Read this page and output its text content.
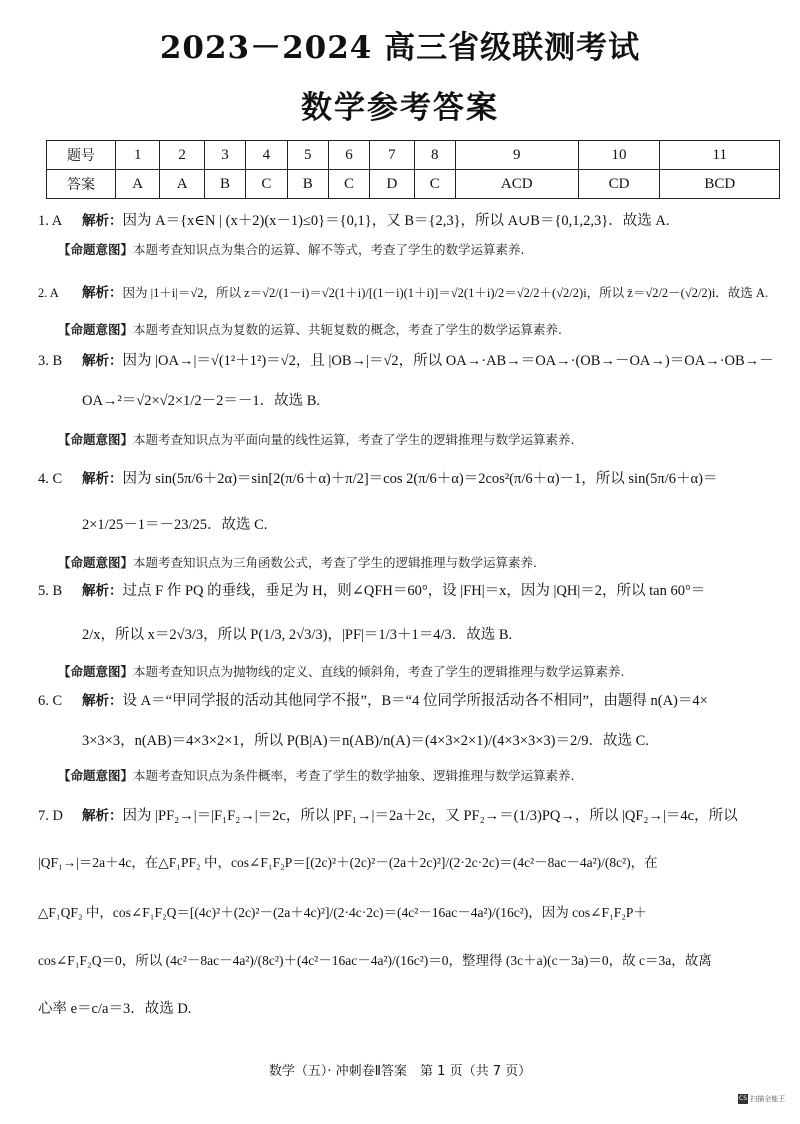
2023－2024 高三省级联测考试
数学参考答案
题号	1	2	3	4	5	6	7	8	9	10	11
答案	A	A	B	C	B	C	D	C	ACD	CD	BCD
1. A 解析：因为 A＝{x∈N | (x＋2)(x－1)≤0}＝{0,1}，又 B＝{2,3}，所以 A∪B＝{0,1,2,3}．故选 A.
【命题意图】本题考查知识点为集合的运算、解不等式，考查了学生的数学运算素养.
2. A 解析：因为 |1＋i|＝√2，所以 z＝√2/(1－i)＝√2(1＋i)/[(1－i)(1＋i)]＝√2(1＋i)/2＝√2/2＋(√2/2)i，所以 z̄＝√2/2－(√2/2)i．故选 A.
【命题意图】本题考查知识点为复数的运算、共轭复数的概念，考查了学生的数学运算素养.
3. B 解析：因为 |OA→|＝√(1²＋1²)＝√2，且 |OB→|＝√2，所以 OA→·AB→＝OA→·(OB→－OA→)＝OA→·OB→－
OA→²＝√2×√2×1/2－2＝－1．故选 B.
【命题意图】本题考查知识点为平面向量的线性运算，考查了学生的逻辑推理与数学运算素养.
4. C 解析：因为 sin(5π/6＋2α)＝sin[2(π/6＋α)＋π/2]＝cos 2(π/6＋α)＝2cos²(π/6＋α)－1，所以 sin(5π/6＋α)＝
2×1/25－1＝－23/25．故选 C.
【命题意图】本题考查知识点为三角函数公式，考查了学生的逻辑推理与数学运算素养.
5. B 解析：过点 F 作 PQ 的垂线，垂足为 H，则∠QFH＝60°，设 |FH|＝x，因为 |QH|＝2，所以 tan 60°＝
2/x，所以 x＝2√3/3，所以 P(1/3, 2√3/3)，|PF|＝1/3＋1＝4/3．故选 B.
【命题意图】本题考查知识点为抛物线的定义、直线的倾斜角，考查了学生的逻辑推理与数学运算素养.
6. C 解析：设 A＝“甲同学报的活动其他同学不报”，B＝“4 位同学所报活动各不相同”，由题得 n(A)＝4×
3×3×3，n(AB)＝4×3×2×1，所以 P(B|A)＝n(AB)/n(A)＝(4×3×2×1)/(4×3×3×3)＝2/9．故选 C.
【命题意图】本题考查知识点为条件概率，考查了学生的数学抽象、逻辑推理与数学运算素养.
7. D 解析：因为 |PF₂→|＝|F₁F₂→|＝2c，所以 |PF₁→|＝2a＋2c，又 PF₂→＝(1/3)PQ→，所以 |QF₂→|＝4c，所以
|QF₁→|＝2a＋4c，在△F₁PF₂ 中，cos∠F₁F₂P＝[(2c)²＋(2c)²－(2a＋2c)²]/(2·2c·2c)＝(4c²－8ac－4a²)/(8c²)，在
△F₁QF₂ 中，cos∠F₁F₂Q＝[(4c)²＋(2c)²－(2a＋4c)²]/(2·4c·2c)＝(4c²－16ac－4a²)/(16c²)，因为 cos∠F₁F₂P＋
cos∠F₁F₂Q＝0，所以 (4c²－8ac－4a²)/(8c²)＋(4c²－16ac－4a²)/(16c²)＝0，整理得 (3c＋a)(c－3a)＝0，故 c＝3a，故离
心率 e＝c/a＝3．故选 D.
数学（五）· 冲刺卷Ⅱ答案　第 1 页（共 7 页）
CS 扫描全能王
